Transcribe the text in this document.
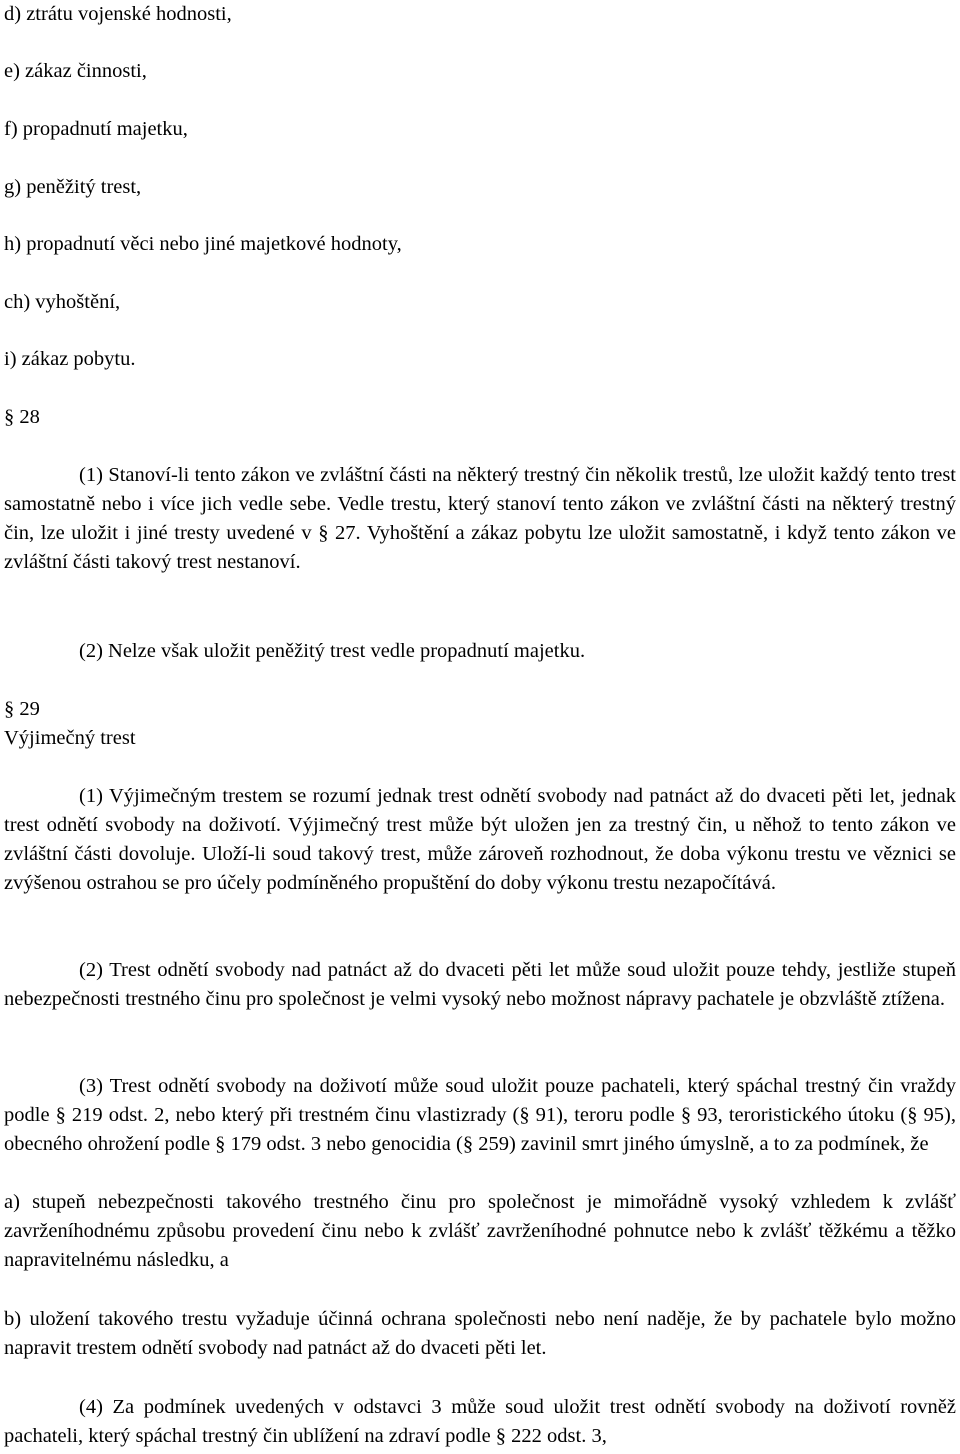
d) ztrátu vojenské hodnosti,
e) zákaz činnosti,
f) propadnutí majetku,
g) peněžitý trest,
h) propadnutí věci nebo jiné majetkové hodnoty,
ch) vyhoštění,
i) zákaz pobytu.
§ 28

(1) Stanoví-li tento zákon ve zvláštní části na některý trestný čin několik trestů, lze uložit každý tento trest samostatně nebo i více jich vedle sebe. Vedle trestu, který stanoví tento zákon ve zvláštní části na některý trestný čin, lze uložit i jiné tresty uvedené v § 27. Vyhoštění a zákaz pobytu lze uložit samostatně, i když tento zákon ve zvláštní části takový trest nestanoví.

(2) Nelze však uložit peněžitý trest vedle propadnutí majetku.

§ 29
Výjimečný trest

(1) Výjimečným trestem se rozumí jednak trest odnětí svobody nad patnáct až do dvaceti pěti let, jednak trest odnětí svobody na doživotí. Výjimečný trest může být uložen jen za trestný čin, u něhož to tento zákon ve zvláštní části dovoluje. Uloží-li soud takový trest, může zároveň rozhodnout, že doba výkonu trestu ve věznici se zvýšenou ostrahou se pro účely podmíněného propuštění do doby výkonu trestu nezapočítává.

(2) Trest odnětí svobody nad patnáct až do dvaceti pěti let může soud uložit pouze tehdy, jestliže stupeň nebezpečnosti trestného činu pro společnost je velmi vysoký nebo možnost nápravy pachatele je obzvláště ztížena.

(3) Trest odnětí svobody na doživotí může soud uložit pouze pachateli, který spáchal trestný čin vraždy podle § 219 odst. 2, nebo který při trestném činu vlastizrady (§ 91), teroru podle § 93, teroristického útoku (§ 95), obecného ohrožení podle § 179 odst. 3 nebo genocidia (§ 259) zavinil smrt jiného úmyslně, a to za podmínek, že

a) stupeň nebezpečnosti takového trestného činu pro společnost je mimořádně vysoký vzhledem k zvlášť zavrženíhodnému způsobu provedení činu nebo k zvlášť zavrženíhodné pohnutce nebo k zvlášť těžkému a těžko napravitelnému následku, a

b) uložení takového trestu vyžaduje účinná ochrana společnosti nebo není naděje, že by pachatele bylo možno napravit trestem odnětí svobody nad patnáct až do dvaceti pěti let.

(4) Za podmínek uvedených v odstavci 3 může soud uložit trest odnětí svobody na doživotí rovněž pachateli, který spáchal trestný čin ublížení na zdraví podle § 222 odst. 3,
